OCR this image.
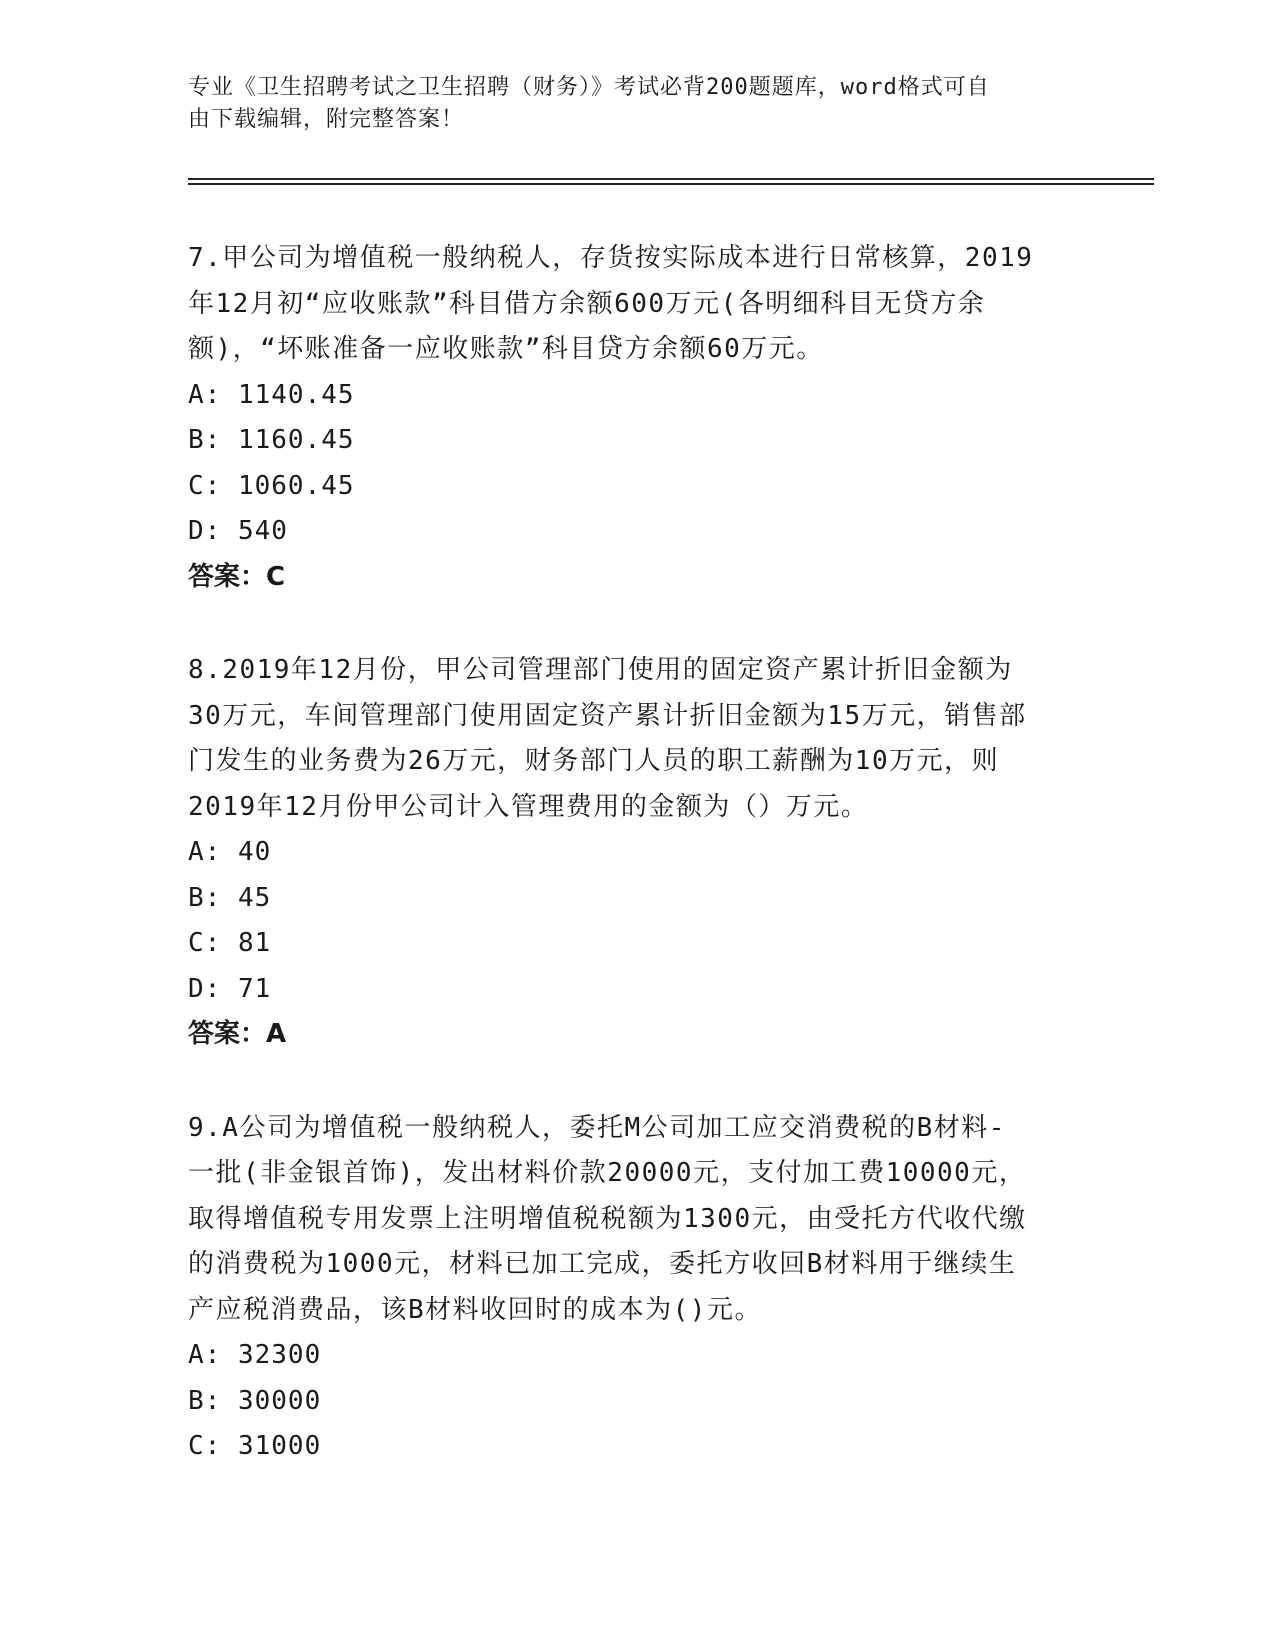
专业《卫生招聘考试之卫生招聘（财务）》考试必背200题题库，word格式可自
由下载编辑，附完整答案！

7.甲公司为增值税一般纳税人，存货按实际成本进行日常核算，2019
年12月初“应收账款”科目借方余额600万元(各明细科目无贷方余
额)，“坏账准备一应收账款”科目贷方余额60万元。

A: 1140.45

B: 1160.45

C: 1060.45

D: 540

答案：C

8.2019年12月份，甲公司管理部门使用的固定资产累计折旧金额为
30万元，车间管理部门使用固定资产累计折旧金额为15万元，销售部
门发生的业务费为26万元，财务部门人员的职工薪酬为10万元，则
2019年12月份甲公司计入管理费用的金额为（）万元。

A: 40

B: 45

C: 81

D: 71

答案：A

9.A公司为增值税一般纳税人，委托M公司加工应交消费税的B材料-
一批(非金银首饰)，发出材料价款20000元，支付加工费10000元，
取得增值税专用发票上注明增值税税额为1300元，由受托方代收代缴
的消费税为1000元，材料已加工完成，委托方收回B材料用于继续生
产应税消费品，该B材料收回时的成本为()元。

A: 32300

B: 30000

C: 31000
